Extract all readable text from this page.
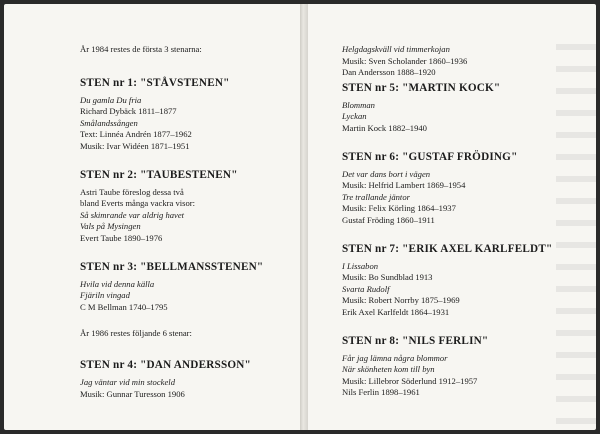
År 1984 restes de första 3 stenarna:
STEN nr 1: "STÅVSTENEN"
Du gamla Du fria
Richard Dybäck 1811–1877
Smålandssången
Text: Linnéa Andrén 1877–1962
Musik: Ivar Widéen 1871–1951
STEN nr 2: "TAUBESTENEN"
Astri Taube föreslog dessa två
bland Everts många vackra visor:
Så skimrande var aldrig havet
Vals på Mysingen
Evert Taube 1890–1976
STEN nr 3: "BELLMANSSTENEN"
Hvila vid denna källa
Fjäriln vingad
C M Bellman 1740–1795
År 1986 restes följande 6 stenar:
STEN nr 4: "DAN ANDERSSON"
Jag väntar vid min stockeld
Musik: Gunnar Turesson 1906
Helgdagskväll vid timmerkojan
Musik: Sven Scholander 1860–1936
Dan Andersson 1888–1920
STEN nr 5: "MARTIN KOCK"
Blomman
Lyckan
Martin Kock 1882–1940
STEN nr 6: "GUSTAF FRÖDING"
Det var dans bort i vägen
Musik: Helfrid Lambert 1869–1954
Tre trallande jäntor
Musik: Felix Körling 1864–1937
Gustaf Fröding 1860–1911
STEN nr 7: "ERIK AXEL KARLFELDT"
I Lissabon
Musik: Bo Sundblad 1913
Svarta Rudolf
Musik: Robert Norrby 1875–1969
Erik Axel Karlfeldt 1864–1931
STEN nr 8: "NILS FERLIN"
Får jag lämna några blommor
När skönheten kom till byn
Musik: Lillebror Söderlund 1912–1957
Nils Ferlin 1898–1961
